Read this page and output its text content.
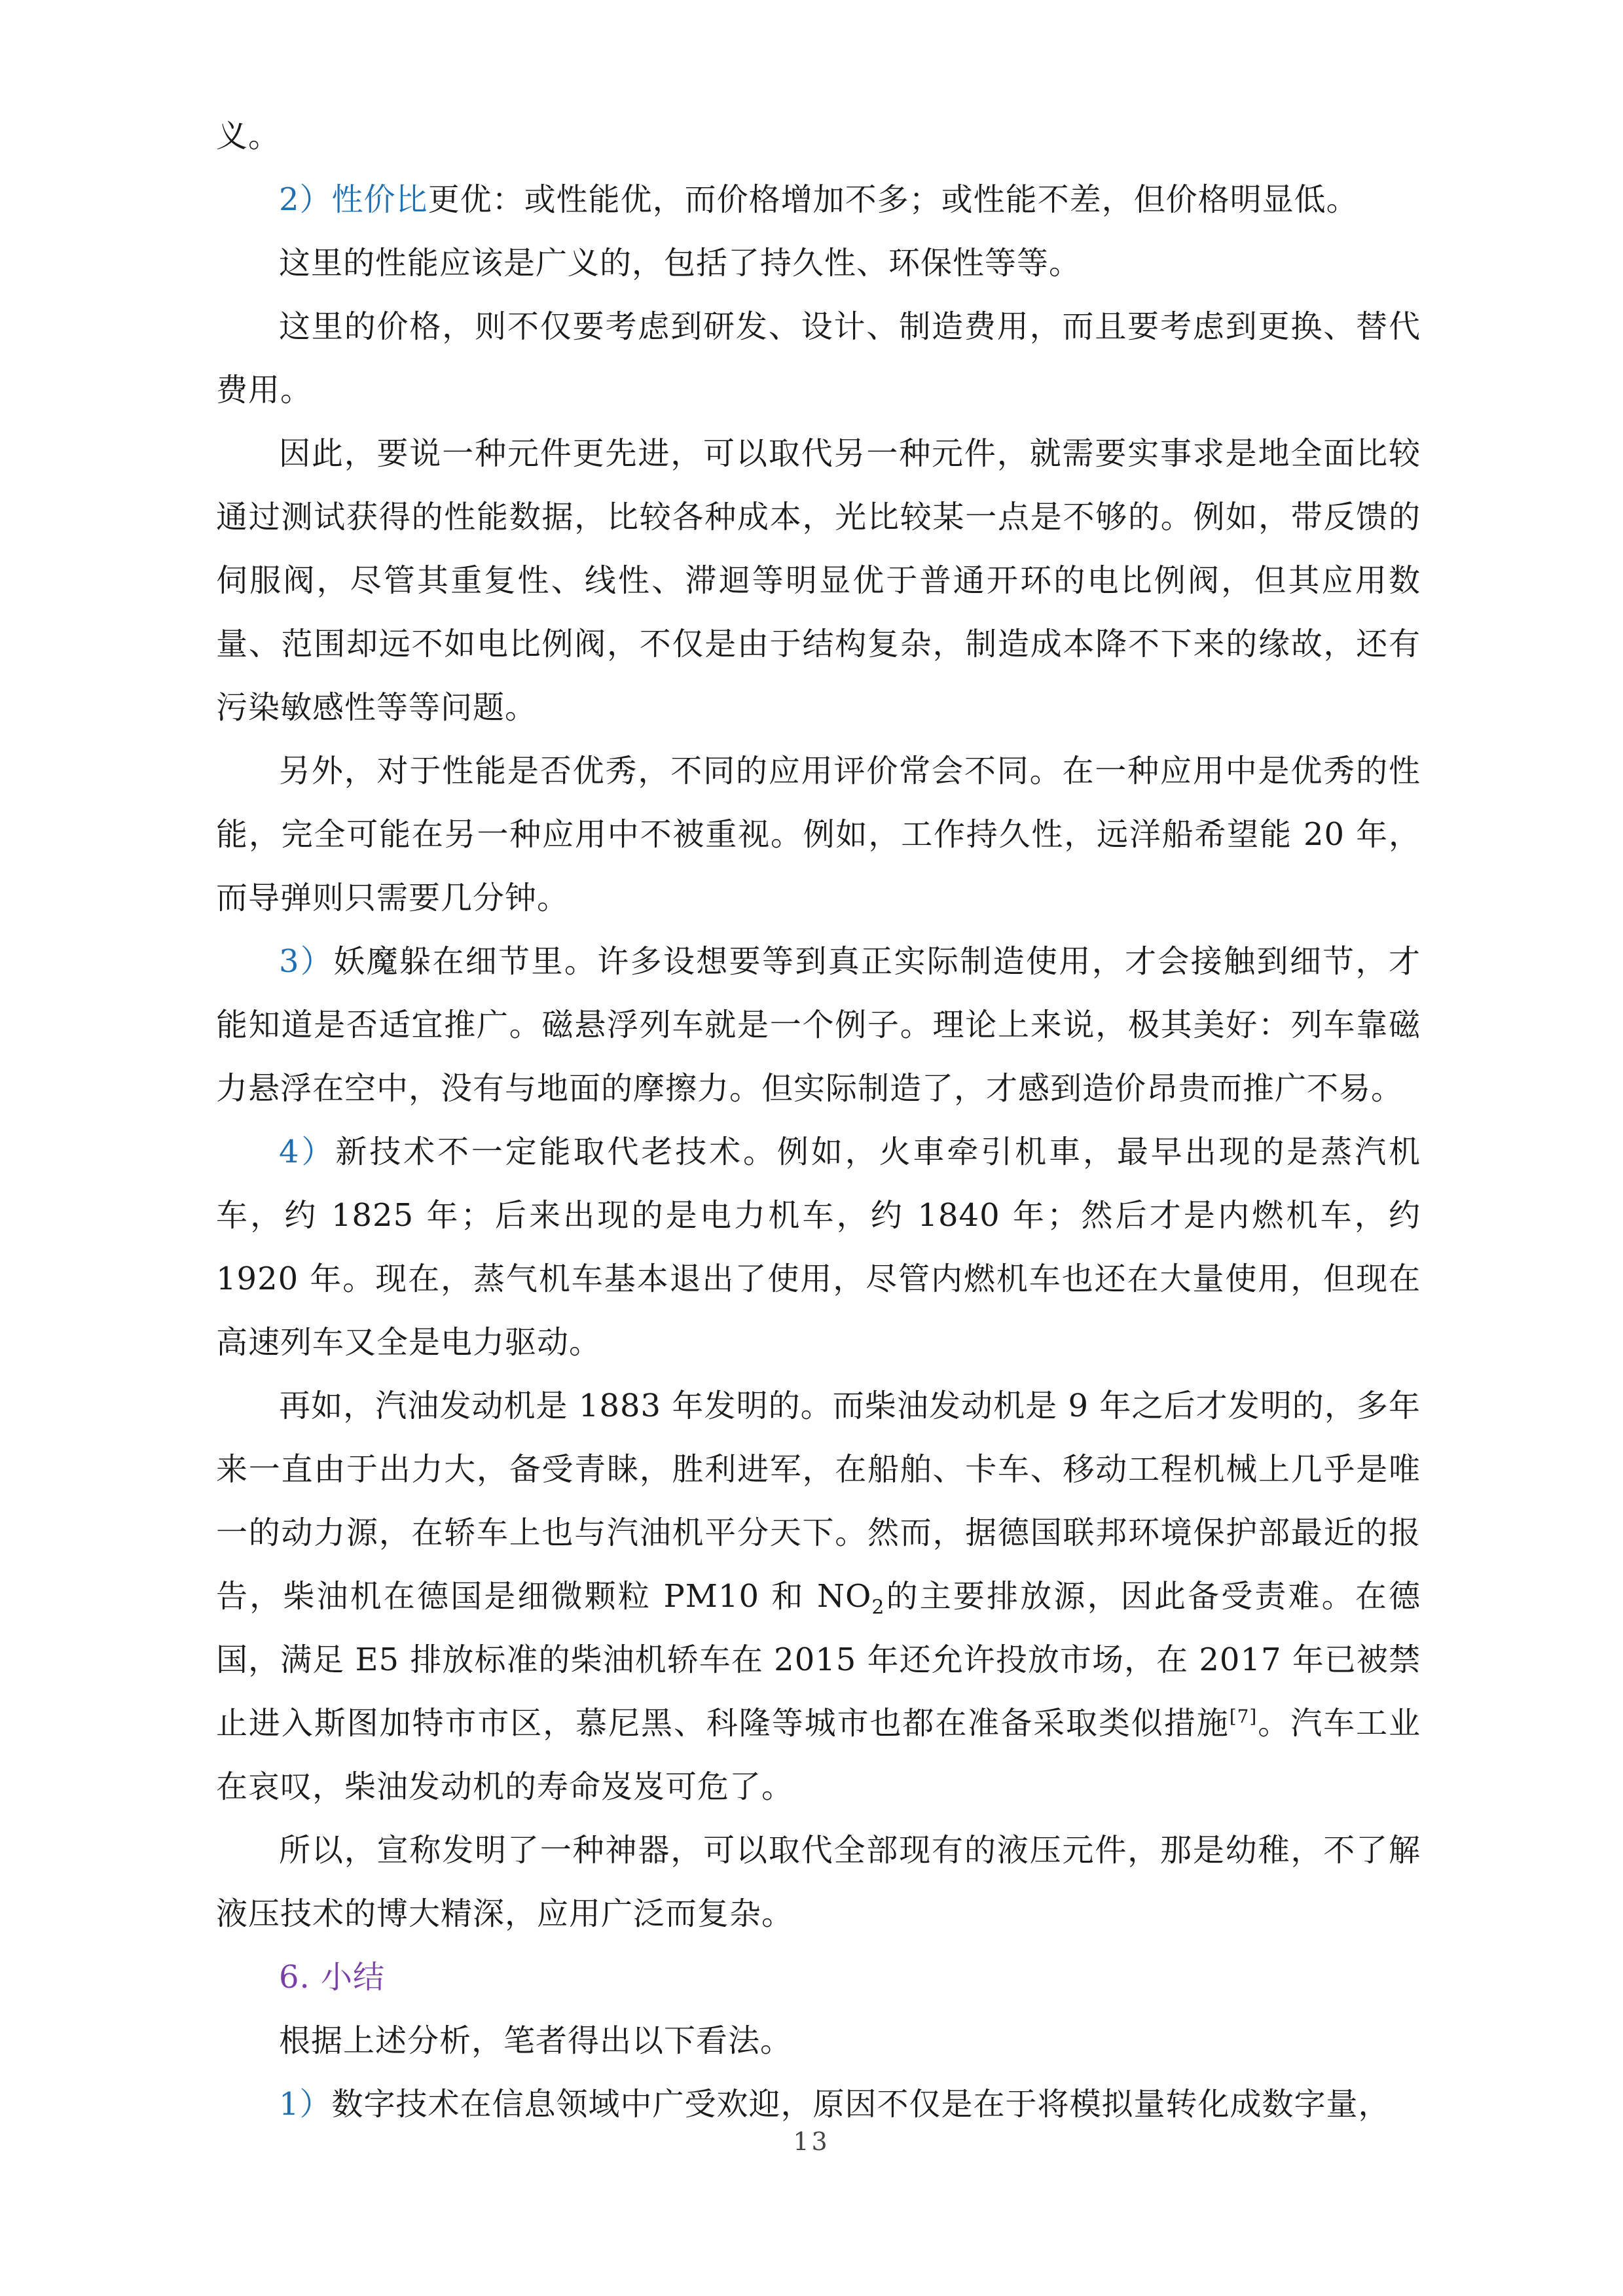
义。

2）性价比更优：或性能优，而价格增加不多；或性能不差，但价格明显低。

这里的性能应该是广义的，包括了持久性、环保性等等。

这里的价格，则不仅要考虑到研发、设计、制造费用，而且要考虑到更换、替代费用。

因此，要说一种元件更先进，可以取代另一种元件，就需要实事求是地全面比较通过测试获得的性能数据，比较各种成本，光比较某一点是不够的。例如，带反馈的伺服阀，尽管其重复性、线性、滞迴等明显优于普通开环的电比例阀，但其应用数量、范围却远不如电比例阀，不仅是由于结构复杂，制造成本降不下来的缘故，还有污染敏感性等等问题。

另外，对于性能是否优秀，不同的应用评价常会不同。在一种应用中是优秀的性能，完全可能在另一种应用中不被重视。例如，工作持久性，远洋船希望能 20 年，而导弹则只需要几分钟。

3）妖魔躲在细节里。许多设想要等到真正实际制造使用，才会接触到细节，才能知道是否适宜推广。磁悬浮列车就是一个例子。理论上来说，极其美好：列车靠磁力悬浮在空中，没有与地面的摩擦力。但实际制造了，才感到造价昂贵而推广不易。

4）新技术不一定能取代老技术。例如，火車牵引机車，最早出现的是蒸汽机车，约 1825 年；后来出现的是电力机车，约 1840 年；然后才是内燃机车，约 1920 年。现在，蒸气机车基本退出了使用，尽管内燃机车也还在大量使用，但现在高速列车又全是电力驱动。

再如，汽油发动机是 1883 年发明的。而柴油发动机是 9 年之后才发明的，多年来一直由于出力大，备受青睐，胜利进军，在船舶、卡车、移动工程机械上几乎是唯一的动力源，在轿车上也与汽油机平分天下。然而，据德国联邦环境保护部最近的报告，柴油机在德国是细微颗粒 PM10 和 $NO_2$的主要排放源，因此备受责难。在德国，满足 E5 排放标准的柴油机轿车在 2015 年还允许投放市场，在 2017 年已被禁止进入斯图加特市市区，慕尼黑、科隆等城市也都在准备采取类似措施[7]。汽车工业在哀叹，柴油发动机的寿命岌岌可危了。

所以，宣称发明了一种神器，可以取代全部现有的液压元件，那是幼稚，不了解液压技术的博大精深，应用广泛而复杂。

6. 小结

根据上述分析，笔者得出以下看法。

1）数字技术在信息领域中广受欢迎，原因不仅是在于将模拟量转化成数字量，

13
